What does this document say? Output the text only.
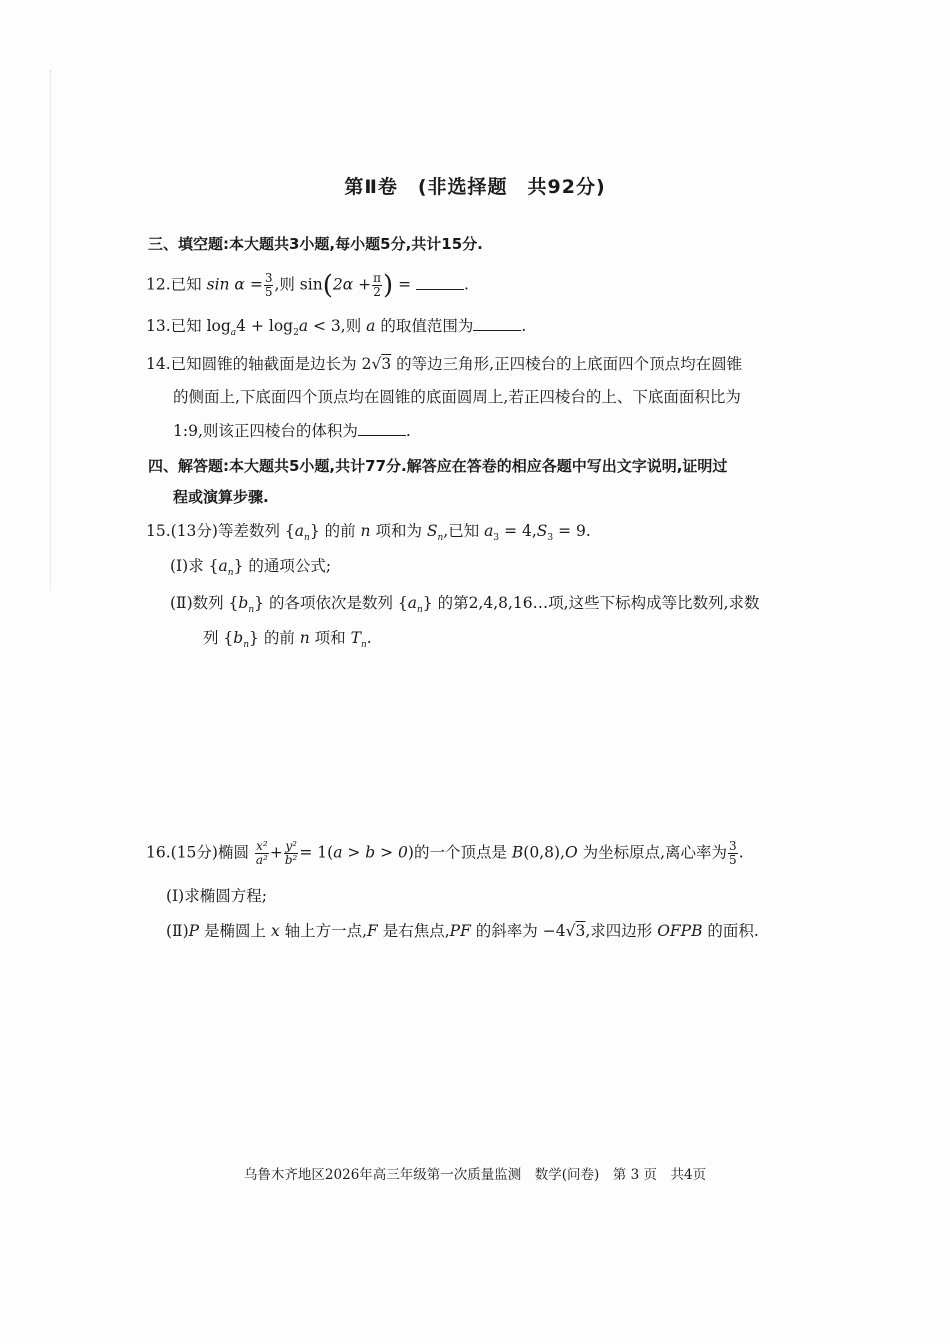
第Ⅱ卷　(非选择题　共92分)
三、填空题:本大题共3小题,每小题5分,共计15分.
12.已知 $\sin \alpha = \frac{3}{5}$ ,则 $\sin(2\alpha + \frac{\pi}{2}$ ) =	.
13.已知 $\log_a4 + \log_2a < 3$,则 a 的取值范围为	.
14.已知圆锥的轴截面是边长为 2√3 的等边三角形,正四棱台的上底面四个顶点均在圆锥
的侧面上,下底面四个顶点均在圆锥的底面圆周上,若正四棱台的上、下底面面积比为
1:9,则该正四棱台的体积为	.
四、解答题:本大题共5小题,共计77分.解答应在答卷的相应各题中写出文字说明,证明过
程或演算步骤.
15.(13分)等差数列 $\{a_n\}$ 的前 n 项和为 $S_n$,已知 $a_3 = 4,S_3 = 9$.
(Ⅰ)求 $\{a_n\}$ 的通项公式;
(Ⅱ)数列 $\{b_n\}$ 的各项依次是数列 $\{a_n\}$ 的第2,4,8,16…项,这些下标构成等比数列,求数
列 $\{b_n\}$ 的前 n 项和 $T_n$.
16.(15分)椭圆 $\frac{\text{x²}}{\text{a²}} + \frac{\text{y²}}{\text{b²}} = 1(a > b > 0)$的一个顶点是 B(0,8),O 为坐标原点,离心率为 $\frac{3}{5}$ .
(Ⅰ)求椭圆方程;
(Ⅱ)P 是椭圆上 x 轴上方一点,F 是右焦点,PF 的斜率为 −4√3,求四边形 OFPB 的面积.
乌鲁木齐地区2026年高三年级第一次质量监测　数学(问卷)　第 3 页　共4页
